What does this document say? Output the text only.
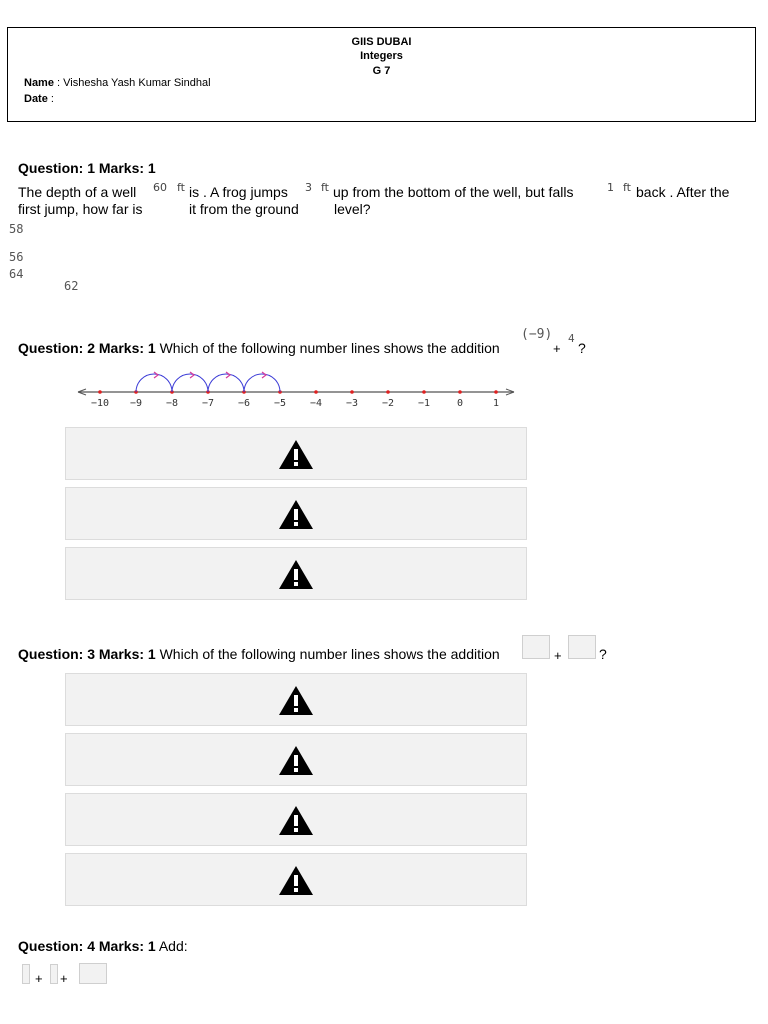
GIIS DUBAI
Integers
G 7
Name : Vishesha Yash Kumar Sindhal
Date :
Question: 1 Marks: 1
The depth of a well 60 ft is . A frog jumps 3 ft up from the bottom of the well, but falls	1 ft back . After the
first jump, how far is	it from the ground	level?
58
56
64
62
Question: 2 Marks: 1 Which of the following number lines shows the addition
(−9)
+
4
?
−10 −9 −8 −7 −6 −5 −4 −3 −2 −1	0	1
Question: 3 Marks: 1 Which of the following number lines shows the addition	+	?
Question: 4 Marks: 1 Add:
+ +
